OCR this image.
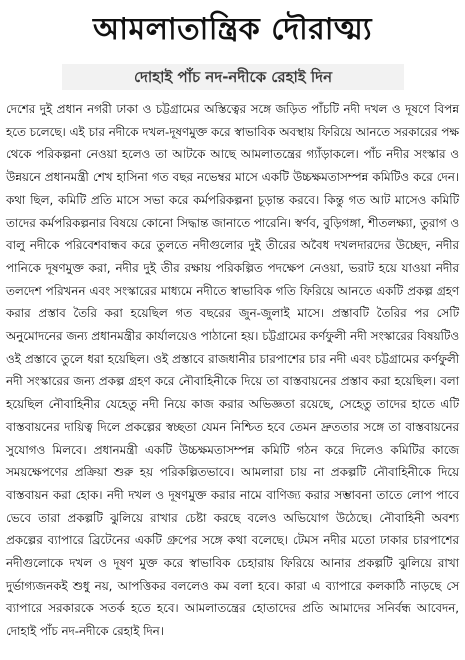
আমলাতান্ত্রিক দৌরাত্ম্য
দোহাই পাঁচ নদ-নদীকে রেহাই দিন

দেশের দুই প্রধান নগরী ঢাকা ও চট্টগ্রামের অস্তিত্বের সঙ্গে জড়িত পাঁচটি নদী দখল ও দূষণে বিপন্ন হতে চলেছে। এই চার নদীকে দখল-দূষণমুক্ত করে স্বাভাবিক অবস্থায় ফিরিয়ে আনতে সরকারের পক্ষ থেকে পরিকল্পনা নেওয়া হলেও তা আটকে আছে আমলাতন্ত্রের গ্যাঁড়াকলে। পাঁচ নদীর সংস্কার ও উন্নয়নে প্রধানমন্ত্রী শেখ হাসিনা গত বছর নভেম্বর মাসে একটি উচ্চক্ষমতাসম্পন্ন কমিটিও করে দেন। কথা ছিল, কমিটি প্রতি মাসে সভা করে কর্মপরিকল্পনা চূড়ান্ত করবে। কিন্তু গত আট মাসেও কমিটি তাদের কর্মপরিকল্পনার বিষয়ে কোনো সিদ্ধান্ত জানাতে পারেনি। স্বর্ণব, বুড়িগঙ্গা, শীতলক্ষ্যা, তুরাগ ও বালু নদীকে পরিবেশবান্ধব করে তুলতে নদীগুলোর দুই তীরের অবৈধ দখলদারদের উচ্ছেদ, নদীর পানিকে দূষণমুক্ত করা, নদীর দুই তীর রক্ষায় পরিকল্পিত পদক্ষেপ নেওয়া, ভরাট হয়ে যাওয়া নদীর তলদেশ পরিখনন এবং সংস্কারের মাধ্যমে নদীতে স্বাভাবিক গতি ফিরিয়ে আনতে একটি প্রকল্প গ্রহণ করার প্রস্তাব তৈরি করা হয়েছিল গত বছরের জুন-জুলাই মাসে। প্রস্তাবটি তৈরির পর সেটি অনুমোদনের জন্য প্রধানমন্ত্রীর কার্যালয়েও পাঠানো হয়। চট্টগ্রামের কর্ণফুলী নদী সংস্কারের বিষয়টিও ওই প্রস্তাবে তুলে ধরা হয়েছিল। ওই প্রস্তাবে রাজধানীর চারপাশের চার নদী এবং চট্টগ্রামের কর্ণফুলী নদী সংস্কারের জন্য প্রকল্প গ্রহণ করে নৌবাহিনীকে দিয়ে তা বাস্তবায়নের প্রস্তাব করা হয়েছিল। বলা হয়েছিল নৌবাহিনীর যেহেতু নদী নিয়ে কাজ করার অভিজ্ঞতা রয়েছে, সেহেতু তাদের হাতে এটি বাস্তবায়নের দায়িত্ব দিলে প্রকল্পের স্বচ্ছতা যেমন নিশ্চিত হবে তেমন দ্রুততার সঙ্গে তা বাস্তবায়নের সুযোগও মিলবে। প্রধানমন্ত্রী একটি উচ্চক্ষমতাসম্পন্ন কমিটি গঠন করে দিলেও কমিটির কাজে সময়ক্ষেপণের প্রক্রিয়া শুরু হয় পরিকল্পিতভাবে। আমলারা চায় না প্রকল্পটি নৌবাহিনীকে দিয়ে বাস্তবায়ন করা হোক। নদী দখল ও দূষণমুক্ত করার নামে বাণিজ্য করার সম্ভাবনা তাতে লোপ পাবে ভেবে তারা প্রকল্পটি ঝুলিয়ে রাখার চেষ্টা করছে বলেও অভিযোগ উঠেছে। নৌবাহিনী অবশ্য প্রকল্পের ব্যাপারে ব্রিটেনের একটি গ্রুপের সঙ্গে কথা বলেছে। টেমস নদীর মতো ঢাকার চারপাশের নদীগুলোকে দখল ও দূষণ মুক্ত করে স্বাভাবিক চেহারায় ফিরিয়ে আনার প্রকল্পটি ঝুলিয়ে রাখা দুর্ভাগ্যজনকই শুধু নয়, আপত্তিকর বললেও কম বলা হবে। কারা এ ব্যাপারে কলকাঠি নাড়ছে সে ব্যাপারে সরকারকে সতর্ক হতে হবে। আমলাতন্ত্রের হোতাদের প্রতি আমাদের সনির্বন্ধ আবেদন, দোহাই পাঁচ নদ-নদীকে রেহাই দিন।
